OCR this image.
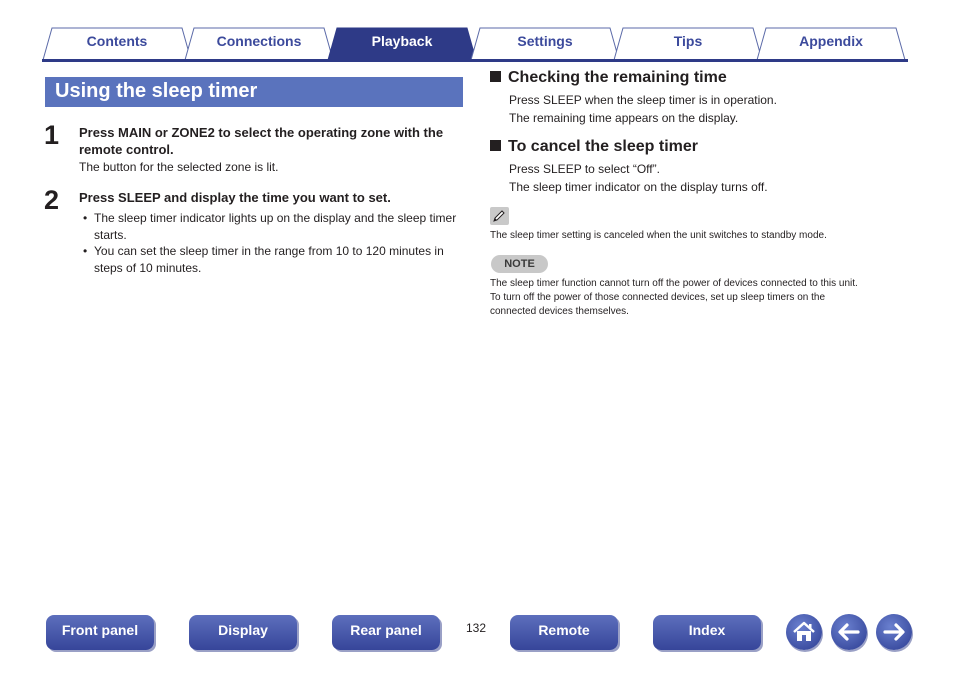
Contents	Connections	Playback	Settings	Tips	Appendix
Using the sleep timer
1 Press MAIN or ZONE2 to select the operating zone with the remote control.
The button for the selected zone is lit.
2 Press SLEEP and display the time you want to set.
• The sleep timer indicator lights up on the display and the sleep timer starts.
• You can set the sleep timer in the range from 10 to 120 minutes in steps of 10 minutes.
Checking the remaining time
Press SLEEP when the sleep timer is in operation.
The remaining time appears on the display.
To cancel the sleep timer
Press SLEEP to select “Off”.
The sleep timer indicator on the display turns off.
The sleep timer setting is canceled when the unit switches to standby mode.
NOTE
The sleep timer function cannot turn off the power of devices connected to this unit.
To turn off the power of those connected devices, set up sleep timers on the
connected devices themselves.
Front panel	Display	Rear panel	132	Remote	Index
